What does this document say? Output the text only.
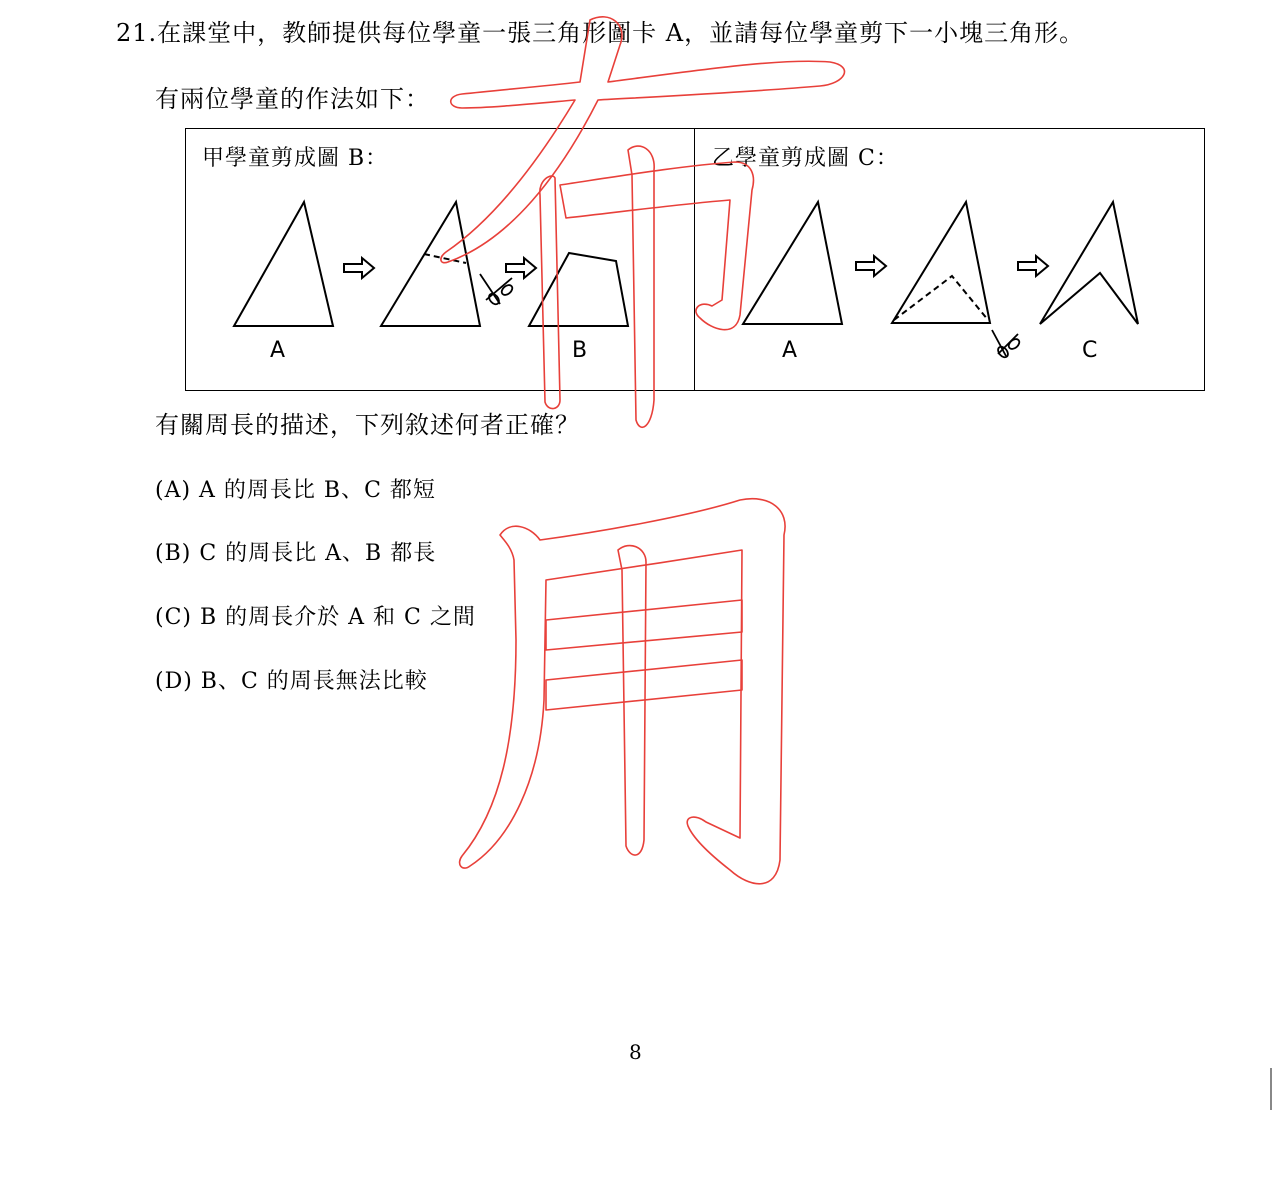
21.在課堂中，教師提供每位學童一張三角形圖卡 A，並請每位學童剪下一小塊三角形。
有兩位學童的作法如下：
甲學童剪成圖 B：	乙學童剪成圖 C：
A	B	A	C
有關周長的描述，下列敘述何者正確？
(A) A 的周長比 B、C 都短
(B) C 的周長比 A、B 都長
(C) B 的周長介於 A 和 C 之間
(D) B、C 的周長無法比較
8
